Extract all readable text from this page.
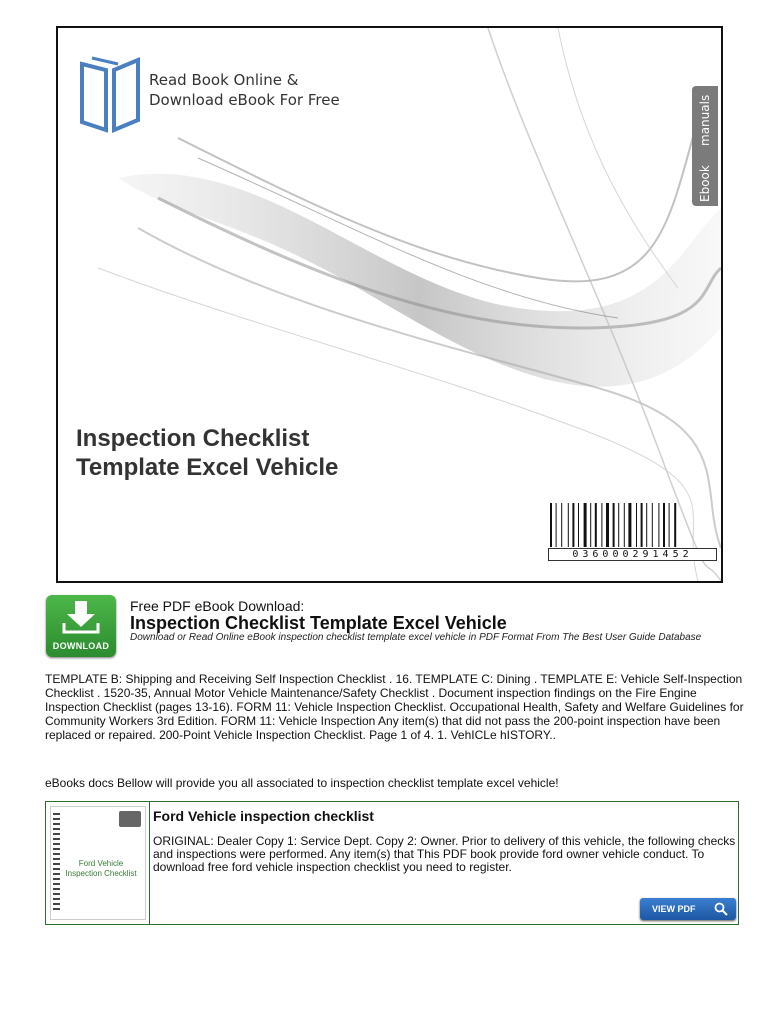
Read Book Online &
Download eBook For Free	manuals
Ebook
Inspection Checklist
Template Excel Vehicle
036000291452
DOWNLOAD
Free PDF eBook Download:
Inspection Checklist Template Excel Vehicle
Download or Read Online eBook inspection checklist template excel vehicle in PDF Format From The Best User Guide Database
TEMPLATE B: Shipping and Receiving Self Inspection Checklist . 16. TEMPLATE C: Dining . TEMPLATE E: Vehicle Self-Inspection Checklist . 1520-35, Annual Motor Vehicle Maintenance/Safety Checklist . Document inspection findings on the Fire Engine Inspection Checklist (pages 13-16). FORM 11: Vehicle Inspection Checklist. Occupational Health, Safety and Welfare Guidelines for Community Workers 3rd Edition. FORM 11: Vehicle Inspection Any item(s) that did not pass the 200-point inspection have been replaced or repaired. 200-Point Vehicle Inspection Checklist. Page 1 of 4. 1. VehICLe hISTORY..
eBooks docs Bellow will provide you all associated to inspection checklist template excel vehicle!
Ford Vehicle Inspection Checklist
Ford Vehicle inspection checklist
ORIGINAL: Dealer Copy 1: Service Dept. Copy 2: Owner. Prior to delivery of this vehicle, the following checks and inspections were performed. Any item(s) that This PDF book provide ford owner vehicle conduct. To download free ford vehicle inspection checklist you need to register.
VIEW PDF
